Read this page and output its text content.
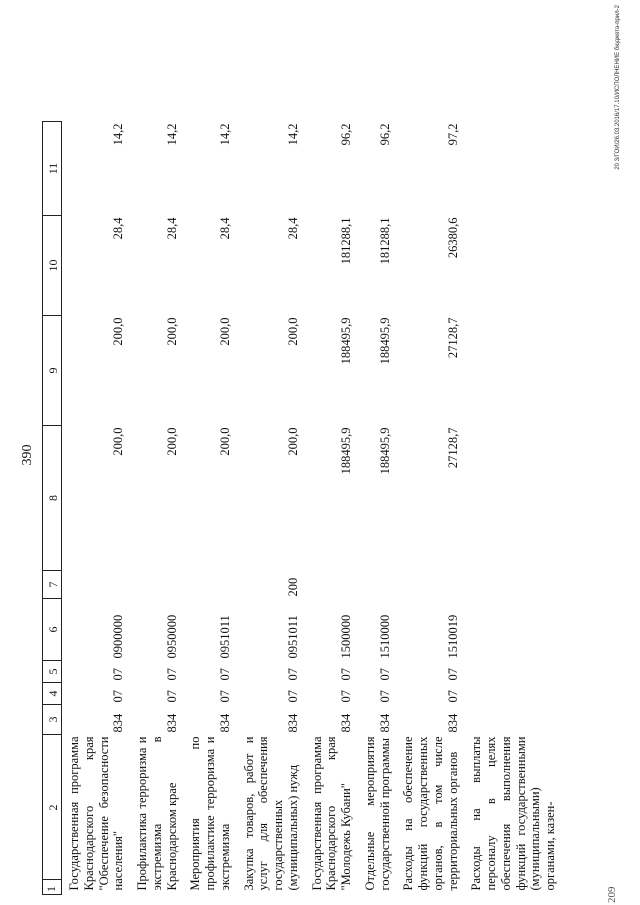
390
1
2	3	4	5	6	7	8	9	10	11
Государственная программа Краснодарского края "Обеспечение безопасности населения"	834	07	07	0900000		200,0	200,0	28,4	14,2
Профилактика терроризма и экстремизма в Краснодарском крае	834	07	07	0950000		200,0	200,0	28,4	14,2
Мероприятия по профилактике терроризма и экстремизма	834	07	07	0951011		200,0	200,0	28,4	14,2
Закупка товаров, работ и услуг для обеспечения государственных (муниципальных) нужд	834	07	07	0951011	200	200,0	200,0	28,4	14,2
Государственная программа Краснодарского края "Молодежь Кубани"	834	07	07	1500000		188495,9	188495,9	181288,1	96,2
Отдельные мероприятия государственной программы	834	07	07	1510000		188495,9	188495,9	181288,1	96,2
Расходы на обеспечение функций государственных органов, в том числе территориальных органов	834	07	07	1510019		27128,7	27128,7	26380,6	97,2
Расходы на выплаты персоналу в целях обеспечения выполнения функций государственными (муниципальными) органами, казен-									
20 3/ГОИ/26.03.2016/17.10/ИСПОЛНЕНИЕ бюджета-прил-2
209
